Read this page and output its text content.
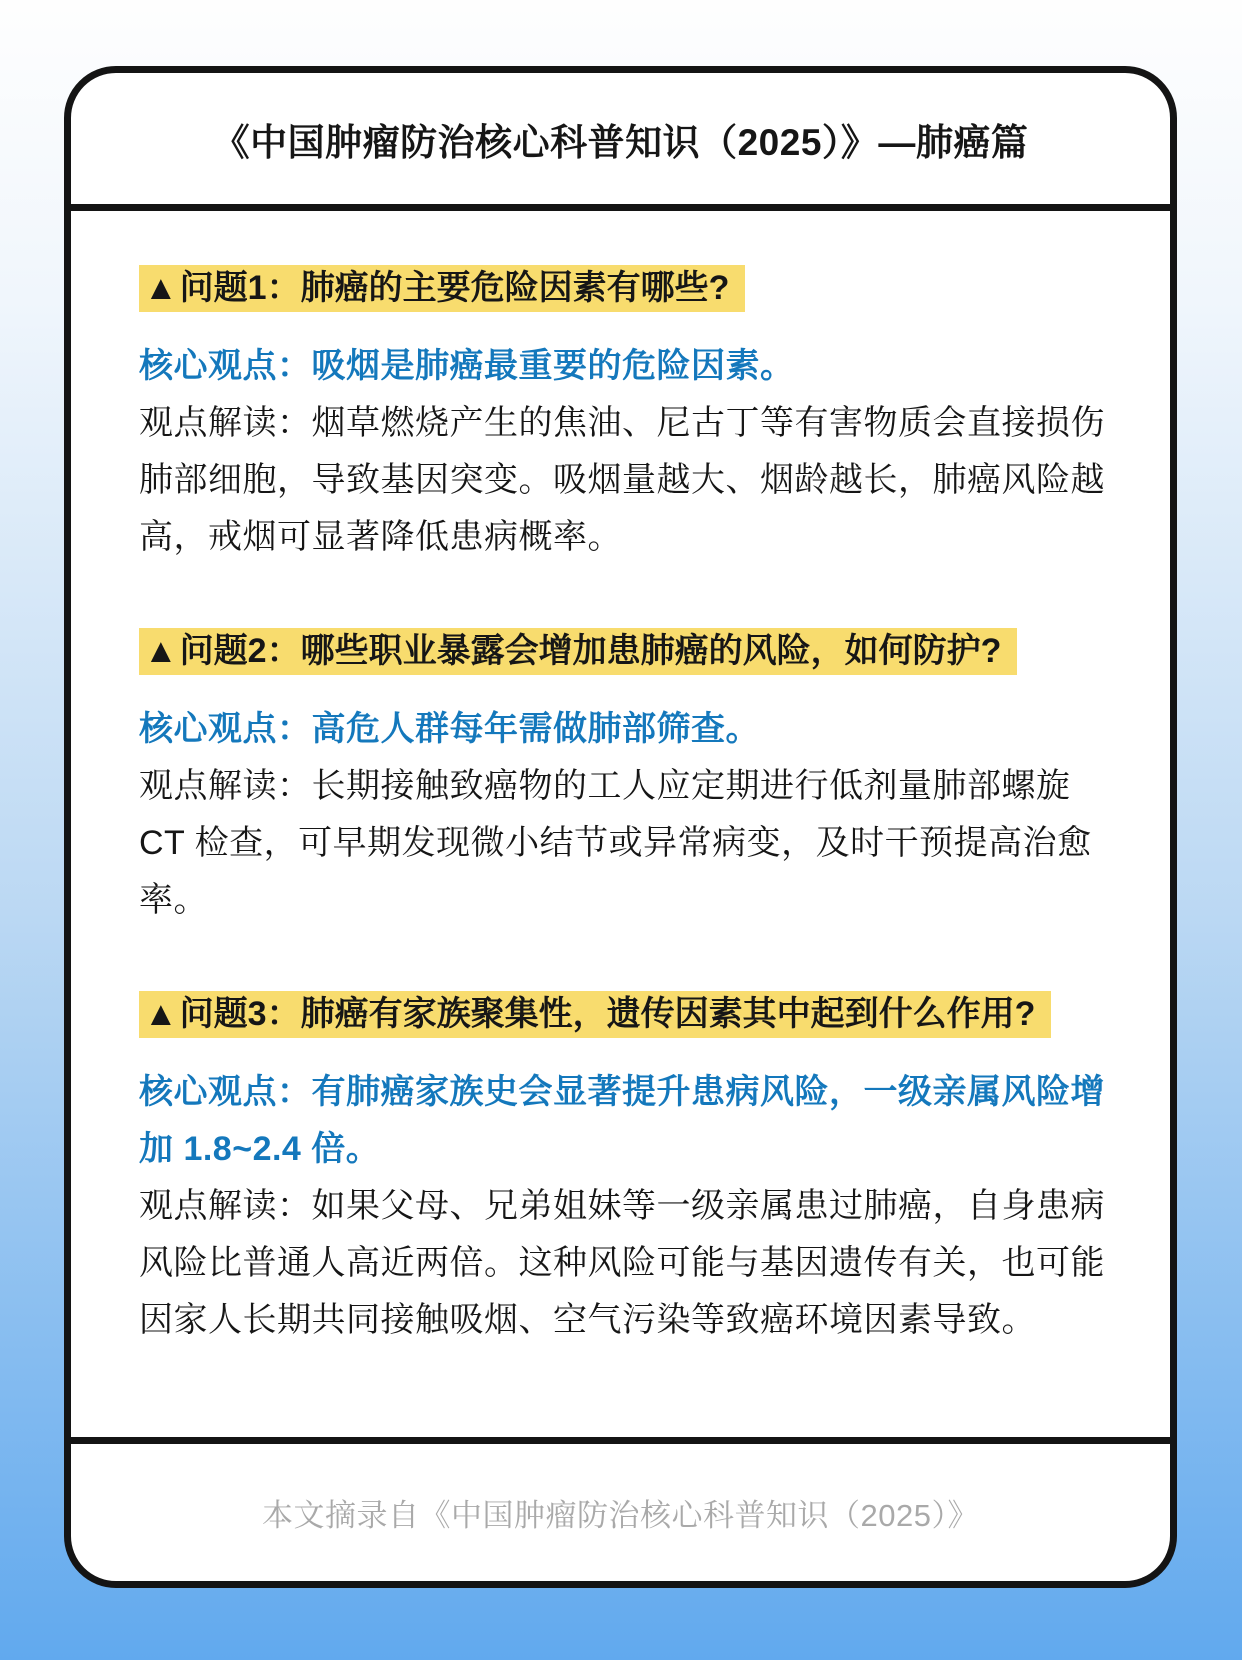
《中国肿瘤防治核心科普知识（2025）》—肺癌篇
▲问题1：肺癌的主要危险因素有哪些?

核心观点：吸烟是肺癌最重要的危险因素。

观点解读：烟草燃烧产生的焦油、尼古丁等有害物质会直接损伤肺部细胞，导致基因突变。吸烟量越大、烟龄越长，肺癌风险越高，戒烟可显著降低患病概率。

▲问题2：哪些职业暴露会增加患肺癌的风险，如何防护?

核心观点：高危人群每年需做肺部筛查。

观点解读：长期接触致癌物的工人应定期进行低剂量肺部螺旋 CT 检查，可早期发现微小结节或异常病变，及时干预提高治愈率。

▲问题3：肺癌有家族聚集性，遗传因素其中起到什么作用?

核心观点：有肺癌家族史会显著提升患病风险，一级亲属风险增加 1.8~2.4 倍。

观点解读：如果父母、兄弟姐妹等一级亲属患过肺癌，自身患病风险比普通人高近两倍。这种风险可能与基因遗传有关，也可能因家人长期共同接触吸烟、空气污染等致癌环境因素导致。

本文摘录自《中国肿瘤防治核心科普知识（2025）》
